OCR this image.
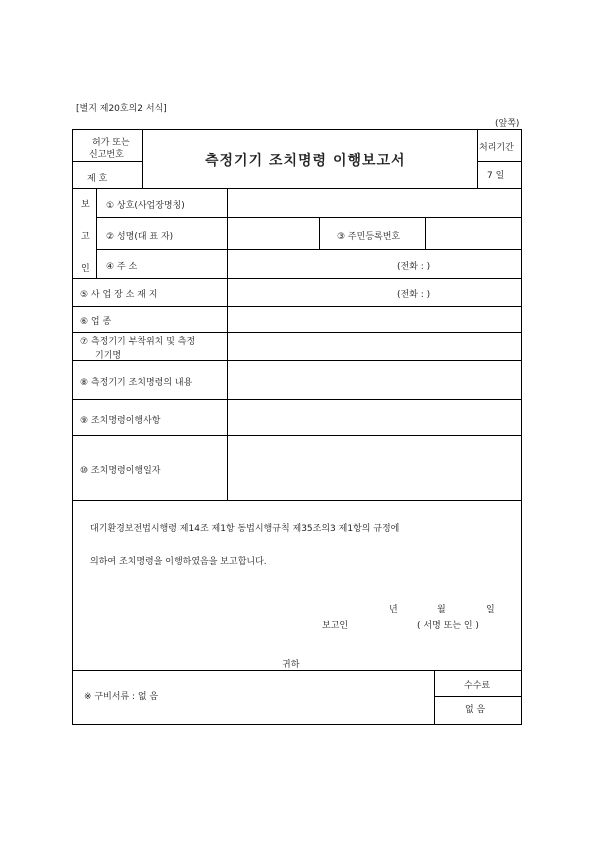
[별지 제20호의2 서식]
(앞쪽)
허가 또는
신고번호
제 호
측정기기 조치명령 이행보고서
처리기간
7 일
보
고
인
① 상호(사업장명칭)
② 성명(대 표 자)	③ 주민등록번호
④ 주 소	(전화 : )
⑤ 사 업 장 소 재 지	(전화 : )
⑥ 업 종
⑦ 측정기기 부착위치 및 측정
기기명
⑧ 측정기기 조치명령의 내용
⑨ 조치명령이행사항
⑩ 조치명령이행일자
대기환경보전법시행령 제14조 제1항 동법시행규칙 제35조의3 제1항의 규정에
의하여 조치명령을 이행하였음을 보고합니다.
년	월	일
보고인	( 서명 또는 인 )
귀하
※ 구비서류 : 없 음
수수료
없 음
